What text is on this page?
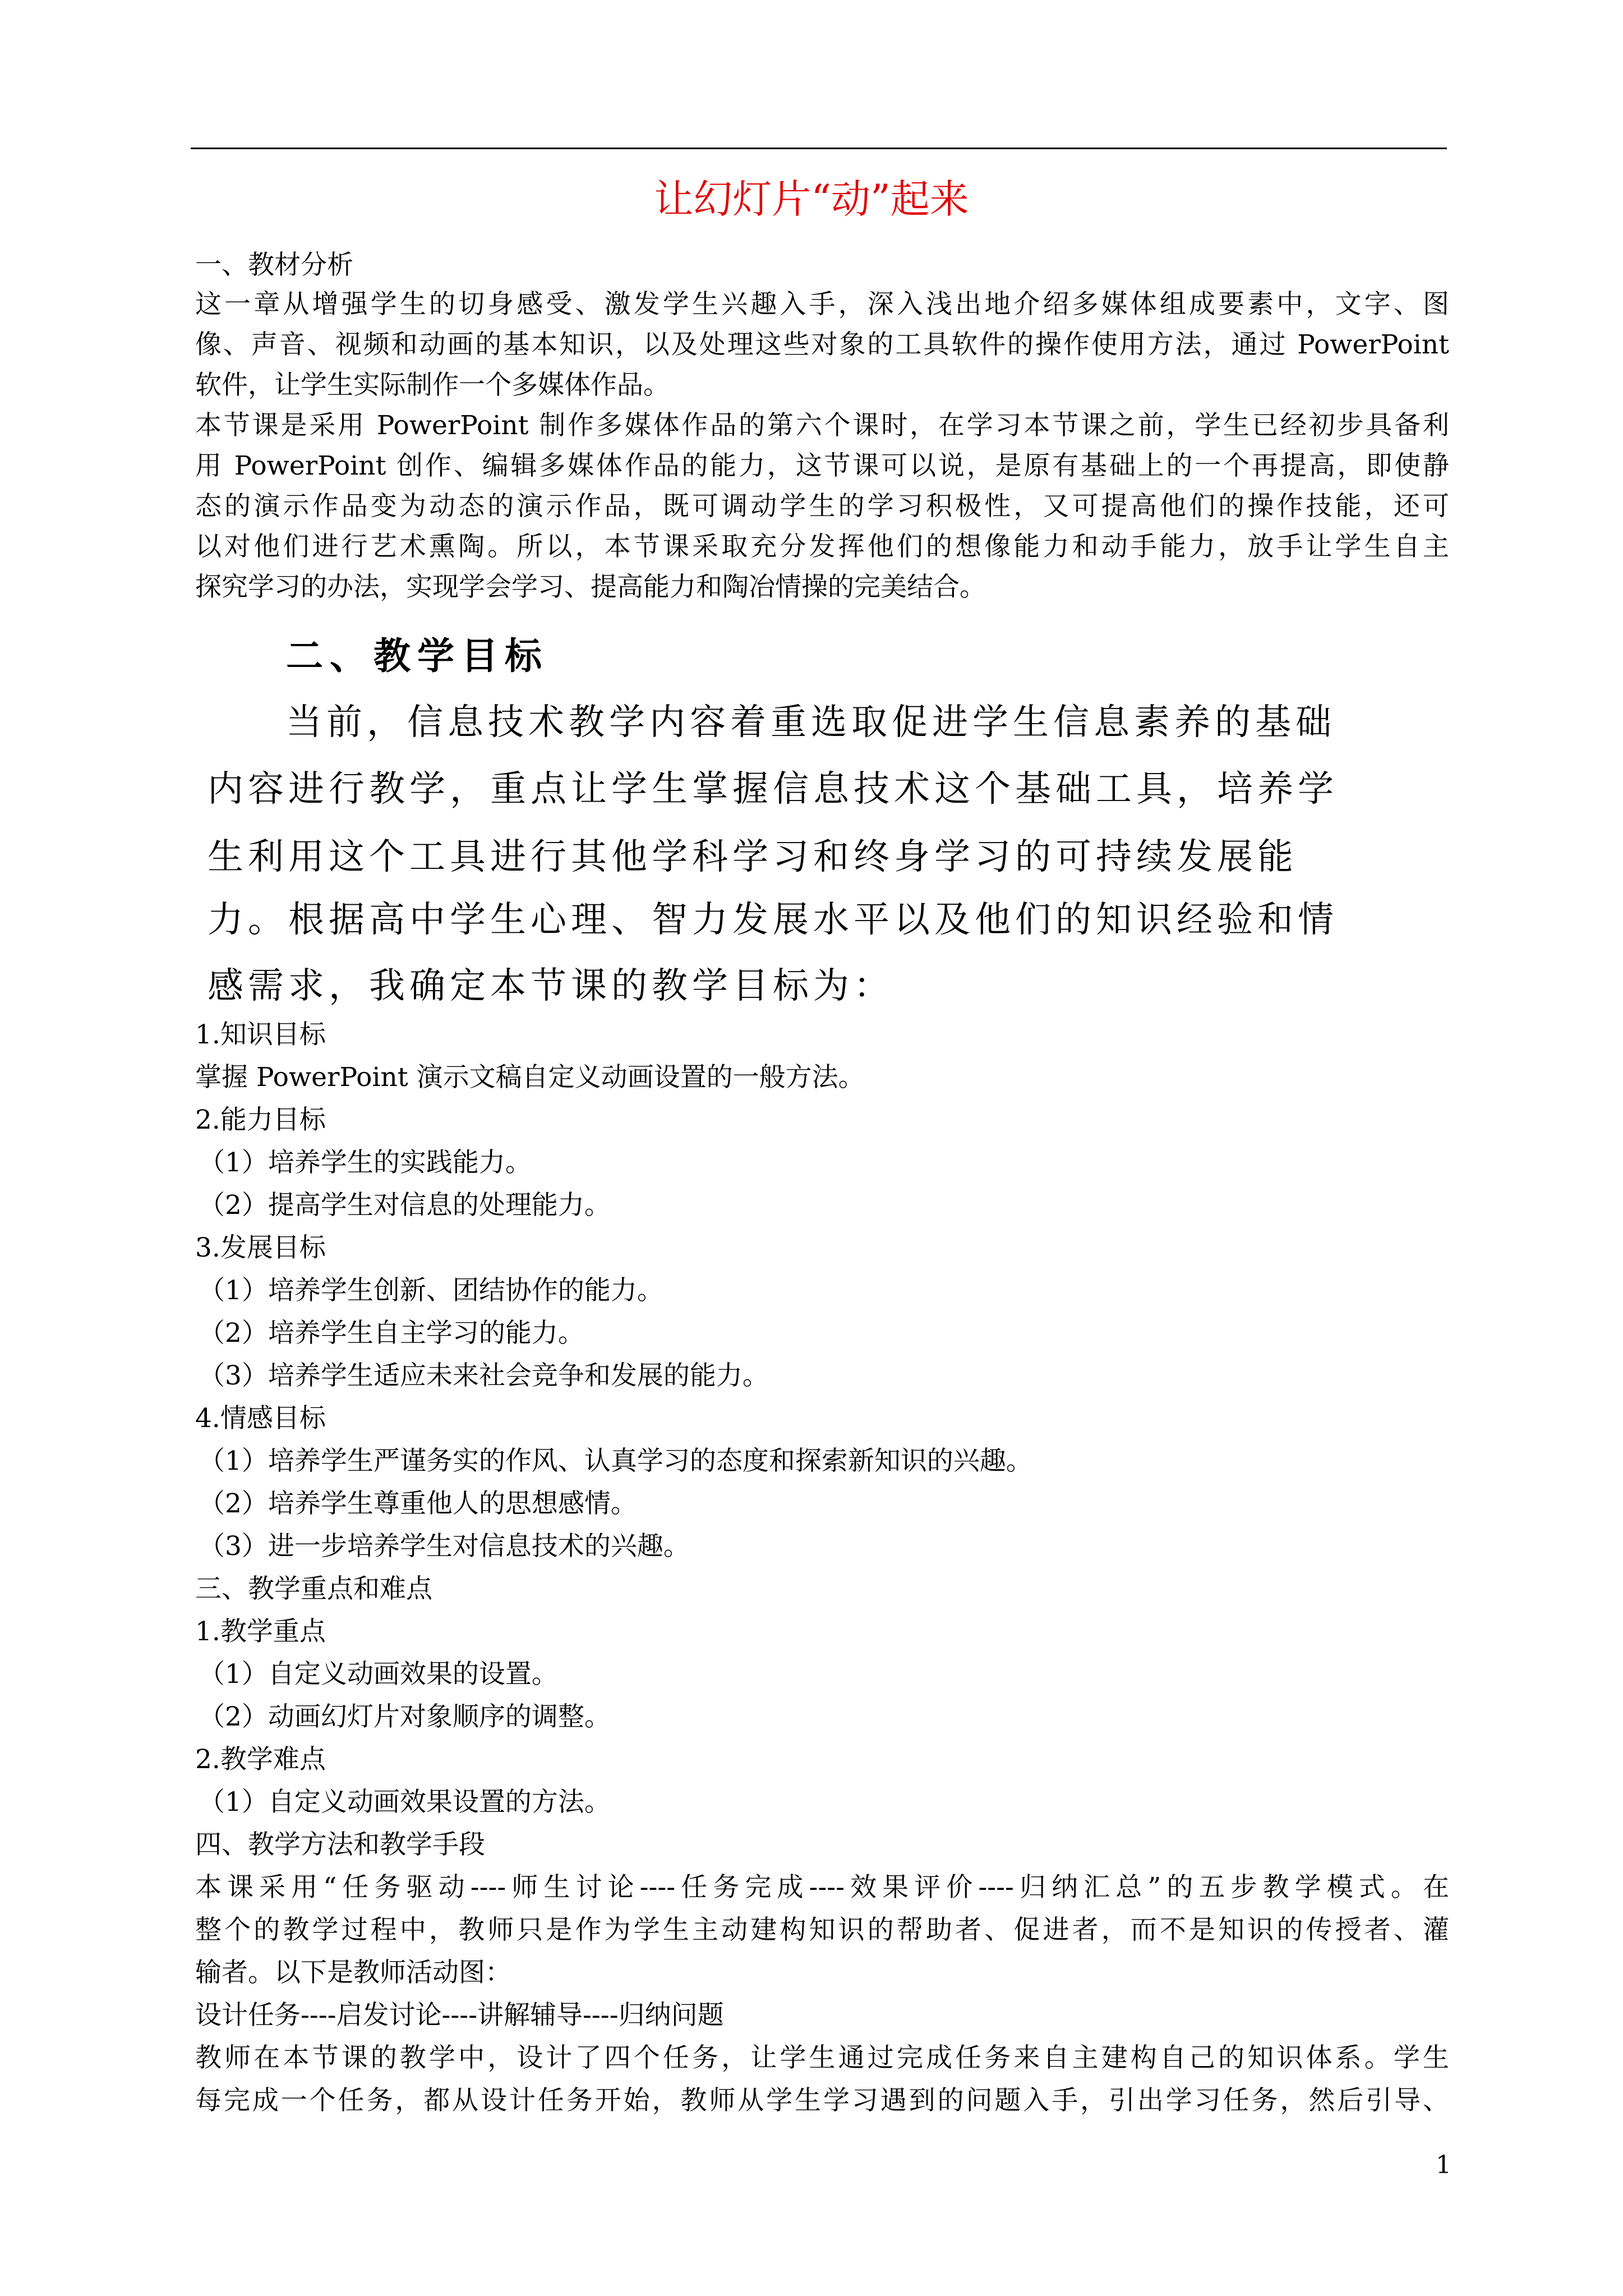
让幻灯片“动”起来
一、教材分析
这一章从增强学生的切身感受、激发学生兴趣入手，深入浅出地介绍多媒体组成要素中，文字、图
像、声音、视频和动画的基本知识，以及处理这些对象的工具软件的操作使用方法，通过 PowerPoint
软件，让学生实际制作一个多媒体作品。
本节课是采用 PowerPoint 制作多媒体作品的第六个课时，在学习本节课之前，学生已经初步具备利
用 PowerPoint 创作、编辑多媒体作品的能力，这节课可以说，是原有基础上的一个再提高，即使静
态的演示作品变为动态的演示作品，既可调动学生的学习积极性，又可提高他们的操作技能，还可
以对他们进行艺术熏陶。所以，本节课采取充分发挥他们的想像能力和动手能力，放手让学生自主
探究学习的办法，实现学会学习、提高能力和陶冶情操的完美结合。
二、教学目标
当前，信息技术教学内容着重选取促进学生信息素养的基础
内容进行教学，重点让学生掌握信息技术这个基础工具，培养学
生利用这个工具进行其他学科学习和终身学习的可持续发展能
力。根据高中学生心理、智力发展水平以及他们的知识经验和情
感需求，我确定本节课的教学目标为：
1.知识目标
掌握 PowerPoint 演示文稿自定义动画设置的一般方法。
2.能力目标
（1）培养学生的实践能力。
（2）提高学生对信息的处理能力。
3.发展目标
（1）培养学生创新、团结协作的能力。
（2）培养学生自主学习的能力。
（3）培养学生适应未来社会竞争和发展的能力。
4.情感目标
（1）培养学生严谨务实的作风、认真学习的态度和探索新知识的兴趣。
（2）培养学生尊重他人的思想感情。
（3）进一步培养学生对信息技术的兴趣。
三、教学重点和难点
1.教学重点
（1）自定义动画效果的设置。
（2）动画幻灯片对象顺序的调整。
2.教学难点
（1）自定义动画效果设置的方法。
四、教学方法和教学手段
本课采用“任务驱动----师生讨论----任务完成----效果评价----归纳汇总”的五步教学模式。在
整个的教学过程中，教师只是作为学生主动建构知识的帮助者、促进者，而不是知识的传授者、灌
输者。以下是教师活动图：
设计任务----启发讨论----讲解辅导----归纳问题
教师在本节课的教学中，设计了四个任务，让学生通过完成任务来自主建构自己的知识体系。学生
每完成一个任务，都从设计任务开始，教师从学生学习遇到的问题入手，引出学习任务，然后引导、
1
